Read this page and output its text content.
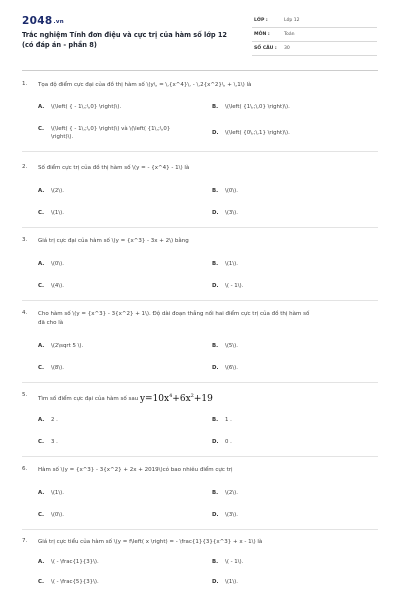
2048.vn
Trắc nghiệm Tính đơn điệu và cực trị của hàm số lớp 12
(có đáp án - phần 8)
LỚP :	Lớp 12
MÔN :	Toán
SỐ CÂU : 30
1.	Tọa độ điểm cực đại của đồ thị hàm số \(y\, = \,{x^4}\, - \,2{x^2}\, + \,1\) là
A. \(\left( { - 1\,;\,0} \right)\).	B. \(\left( {1\,;\,0} \right)\).
C. \(\left( { - 1\,;\,0} \right)\) và \(\left( {1\,;\,0}
\right)\).
D. \(\left( {0\,;\,1} \right)\).
2.	Số điểm cực trị của đồ thị hàm số \(y = - {x^4} - 1\) là
A. \(2\).	B. \(0\).
C. \(1\).	D. \(3\).
3.	Giá trị cực đại của hàm số \(y = {x^3} - 3x + 2\) bằng
A. \(0\).	B. \(1\).
C. \(4\).	D. \( - 1\).
4.	Cho hàm số \(y = {x^3} - 3{x^2} + 1\). Độ dài đoạn thẳng nối hai điểm cực trị của đồ thị hàm số
đã cho là
A. \(2\sqrt 5 \).	B. \(5\).
C. \(8\).	D. \(6\).
5.
Tìm số điểm cực đại của hàm số sau $y=10x^4+6x^2+19$
A. 2 .	B. 1 .
C. 3 .	D. 0 .
6.	Hàm số \(y = {x^3} - 3{x^2} + 2x + 2019\)có bao nhiêu điểm cực trị
A. \(1\).	B. \(2\).
C. \(0\).	D. \(3\).
7.	Giá trị cực tiểu của hàm số \(y = f\left( x \right) = - \frac{1}{3}{x^3} + x - 1\) là
A. \( - \frac{1}{3}\).	B. \( - 1\).
C. \( - \frac{5}{3}\).	D. \(1\).
